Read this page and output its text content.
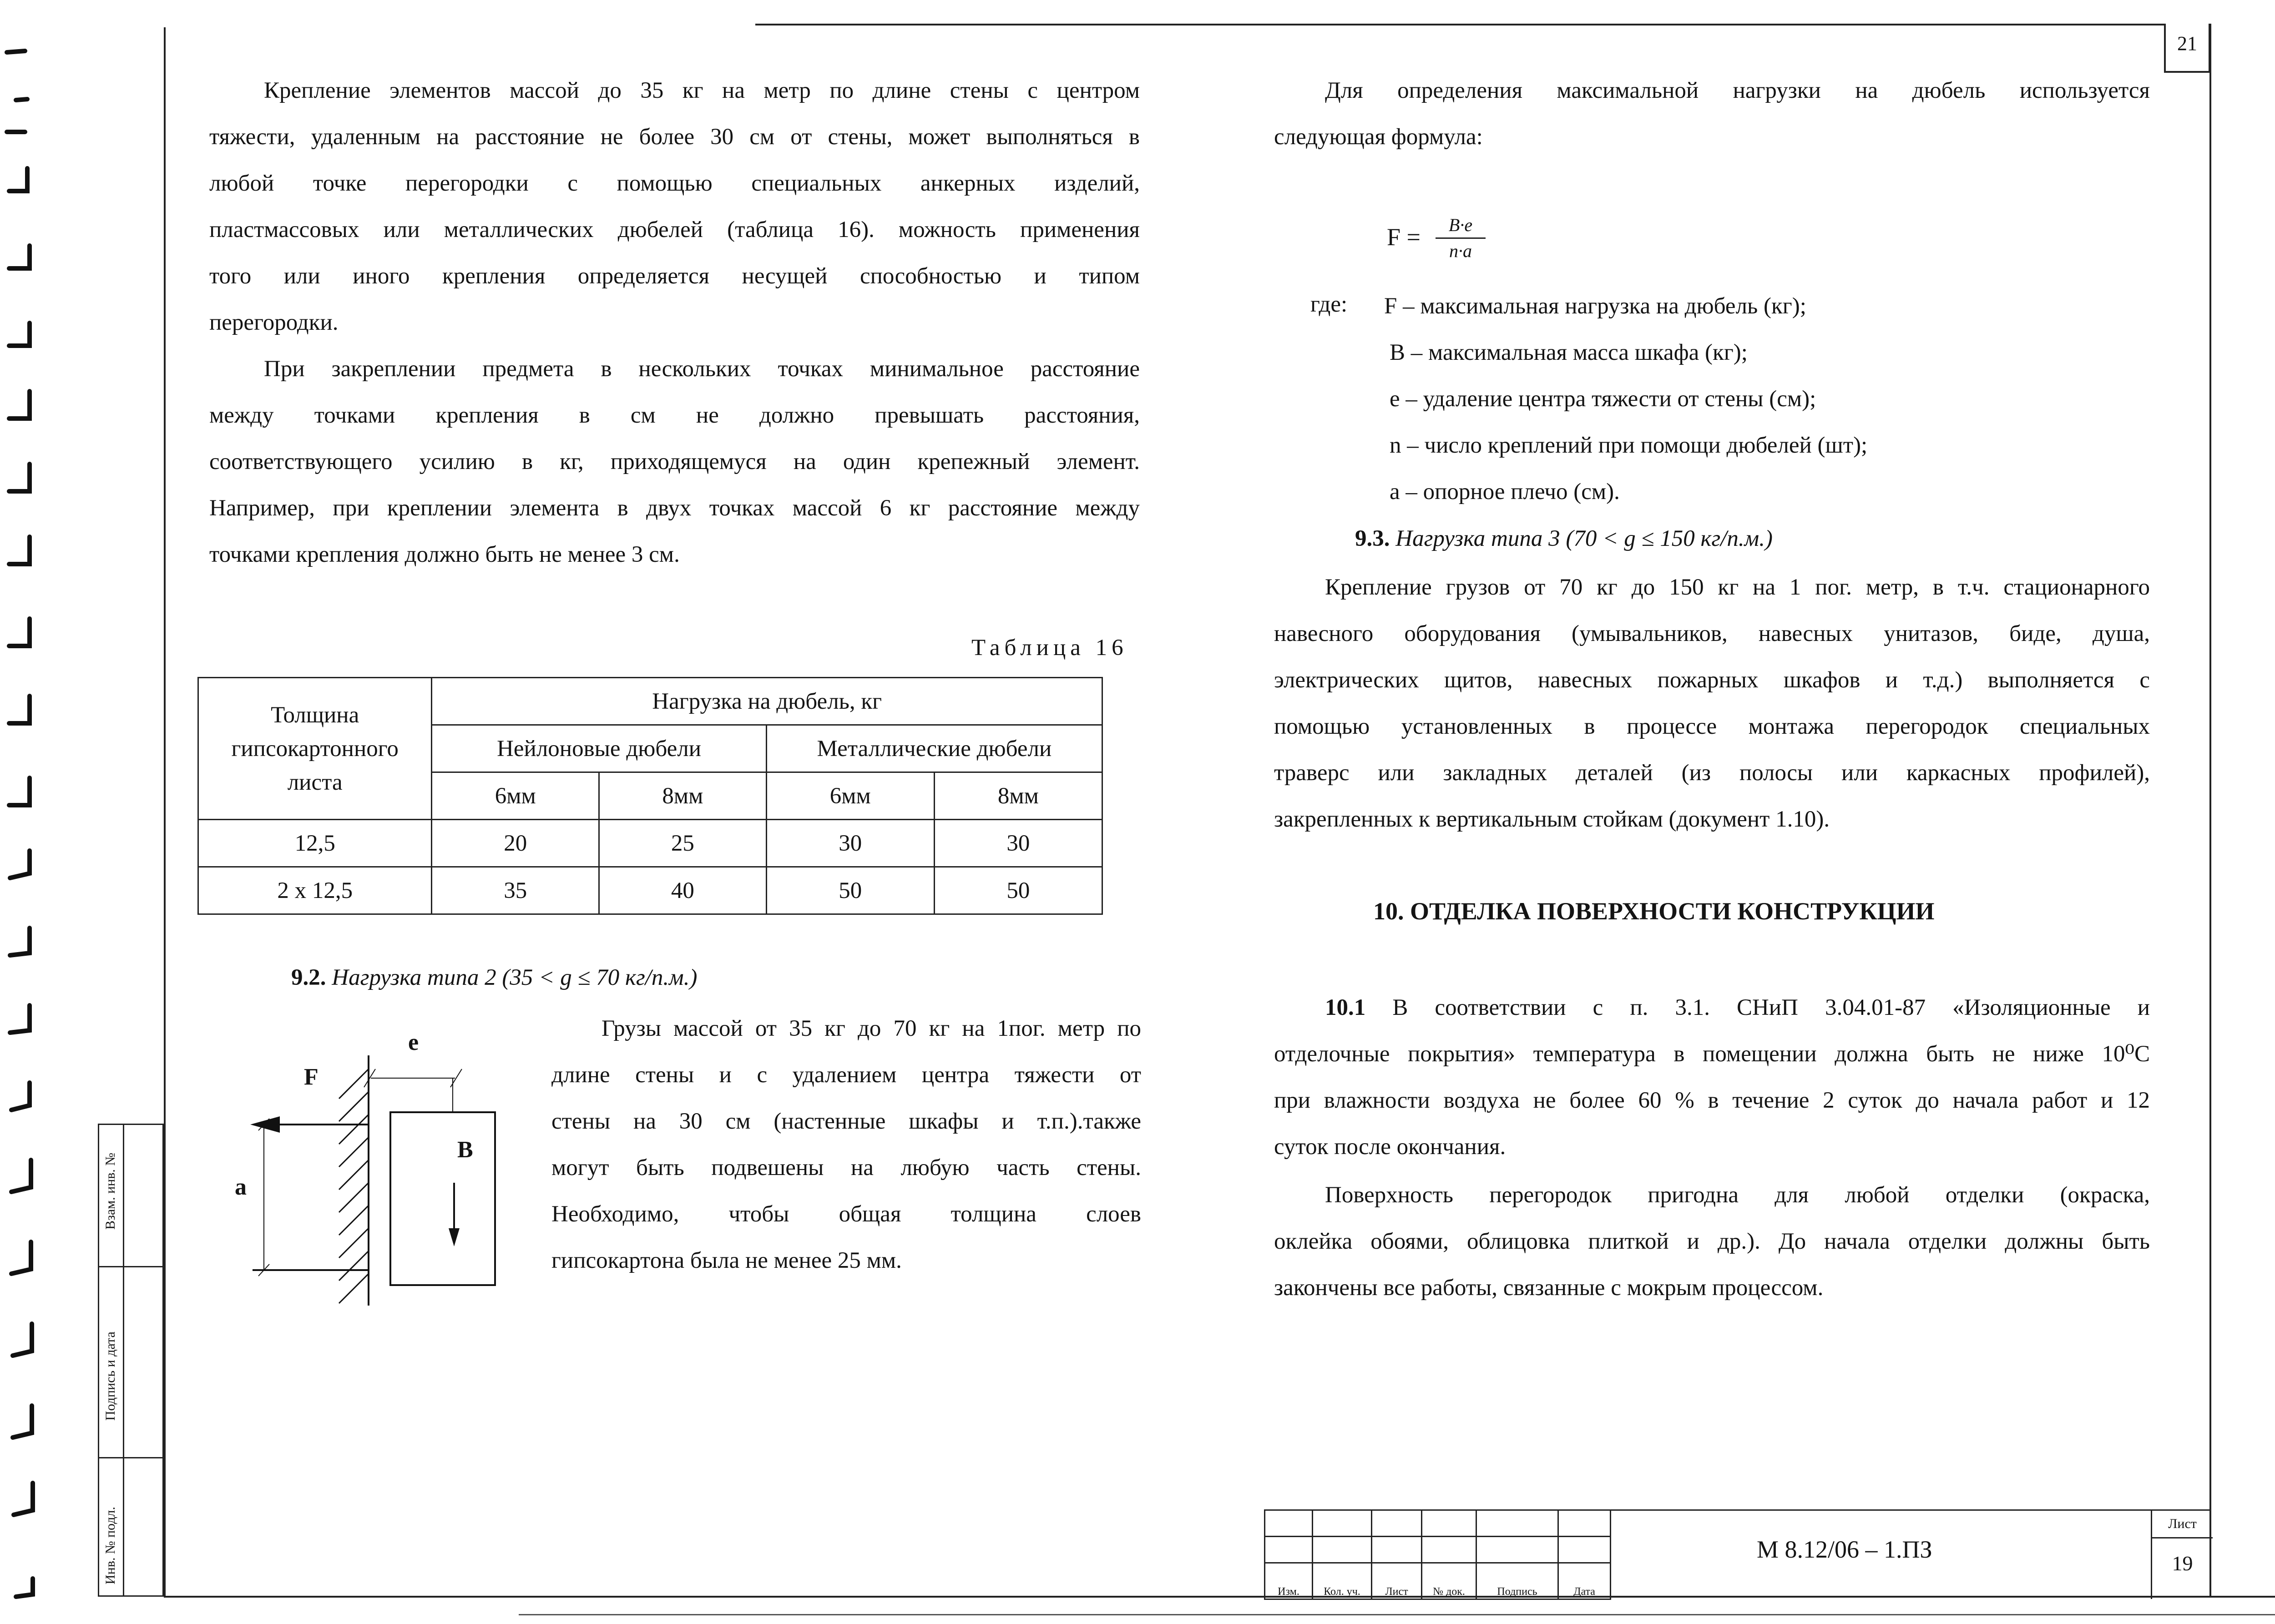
21
Взам. инв. №
Подпись и дата
Инв. № подл.
Крепление элементов массой до 35 кг на метр по длине стены с центром
тяжести, удаленным на расстояние не более 30 см от стены, может выполняться в
любой точке перегородки с помощью специальных анкерных изделий,
пластмассовых или металлических дюбелей (таблица 16). можность применения
того или иного крепления определяется несущей способностью и типом
перегородки.
При закреплении предмета в нескольких точках минимальное расстояние
между точками крепления в см не должно превышать расстояния,
соответствующего усилию в кг, приходящемуся на один крепежный элемент.
Например, при креплении элемента в двух точках массой 6 кг расстояние между
точками крепления должно быть не менее 3 см.
Таблица 16
Толщина гипсокартонного листа	Нагрузка на дюбель, кг			
	Нейлоновые дюбели		Металлические дюбели	
	6мм	8мм	6мм	8мм
12,5	20	25	30	30
2 х 12,5	35	40	50	50
9.2. Нагрузка типа 2 (35 < g ≤ 70 кг/п.м.)
e
F
B
a
Грузы массой от 35 кг до 70 кг на 1пог. метр по
длине стены и с удалением центра тяжести от
стены на 30 см (настенные шкафы и т.п.).также
могут быть подвешены на любую часть стены.
Необходимо, чтобы общая толщина слоев
гипсокартона была не менее 25 мм.
Для определения максимальной нагрузки на дюбель используется
следующая формула:
F =	B·e
n·a
где: F – максимальная нагрузка на дюбель (кг);
B – максимальная масса шкафа (кг);
e – удаление центра тяжести от стены (см);
n – число креплений при помощи дюбелей (шт);
a – опорное плечо (см).
9.3. Нагрузка типа 3 (70 < g ≤ 150 кг/п.м.)
Крепление грузов от 70 кг до 150 кг на 1 пог. метр, в т.ч. стационарного
навесного оборудования (умывальников, навесных унитазов, биде, душа,
электрических щитов, навесных пожарных шкафов и т.д.) выполняется с
помощью установленных в процессе монтажа перегородок специальных
траверс или закладных деталей (из полосы или каркасных профилей),
закрепленных к вертикальным стойкам (документ 1.10).
10. ОТДЕЛКА ПОВЕРХНОСТИ КОНСТРУКЦИИ
10.1 В соответствии с п. 3.1. СНиП 3.04.01-87 «Изоляционные и
отделочные покрытия» температура в помещении должна быть не ниже 10⁰С
при влажности воздуха не более 60 % в течение 2 суток до начала работ и 12
суток после окончания.
Поверхность перегородок пригодна для любой отделки (окраска,
оклейка обоями, облицовка плиткой и др.). До начала отделки должны быть
закончены все работы, связанные с мокрым процессом.

Изм.	Кол. уч.	Лист	№ док.	Подпись	Дата
М 8.12/06 – 1.ПЗ
Лист
19
